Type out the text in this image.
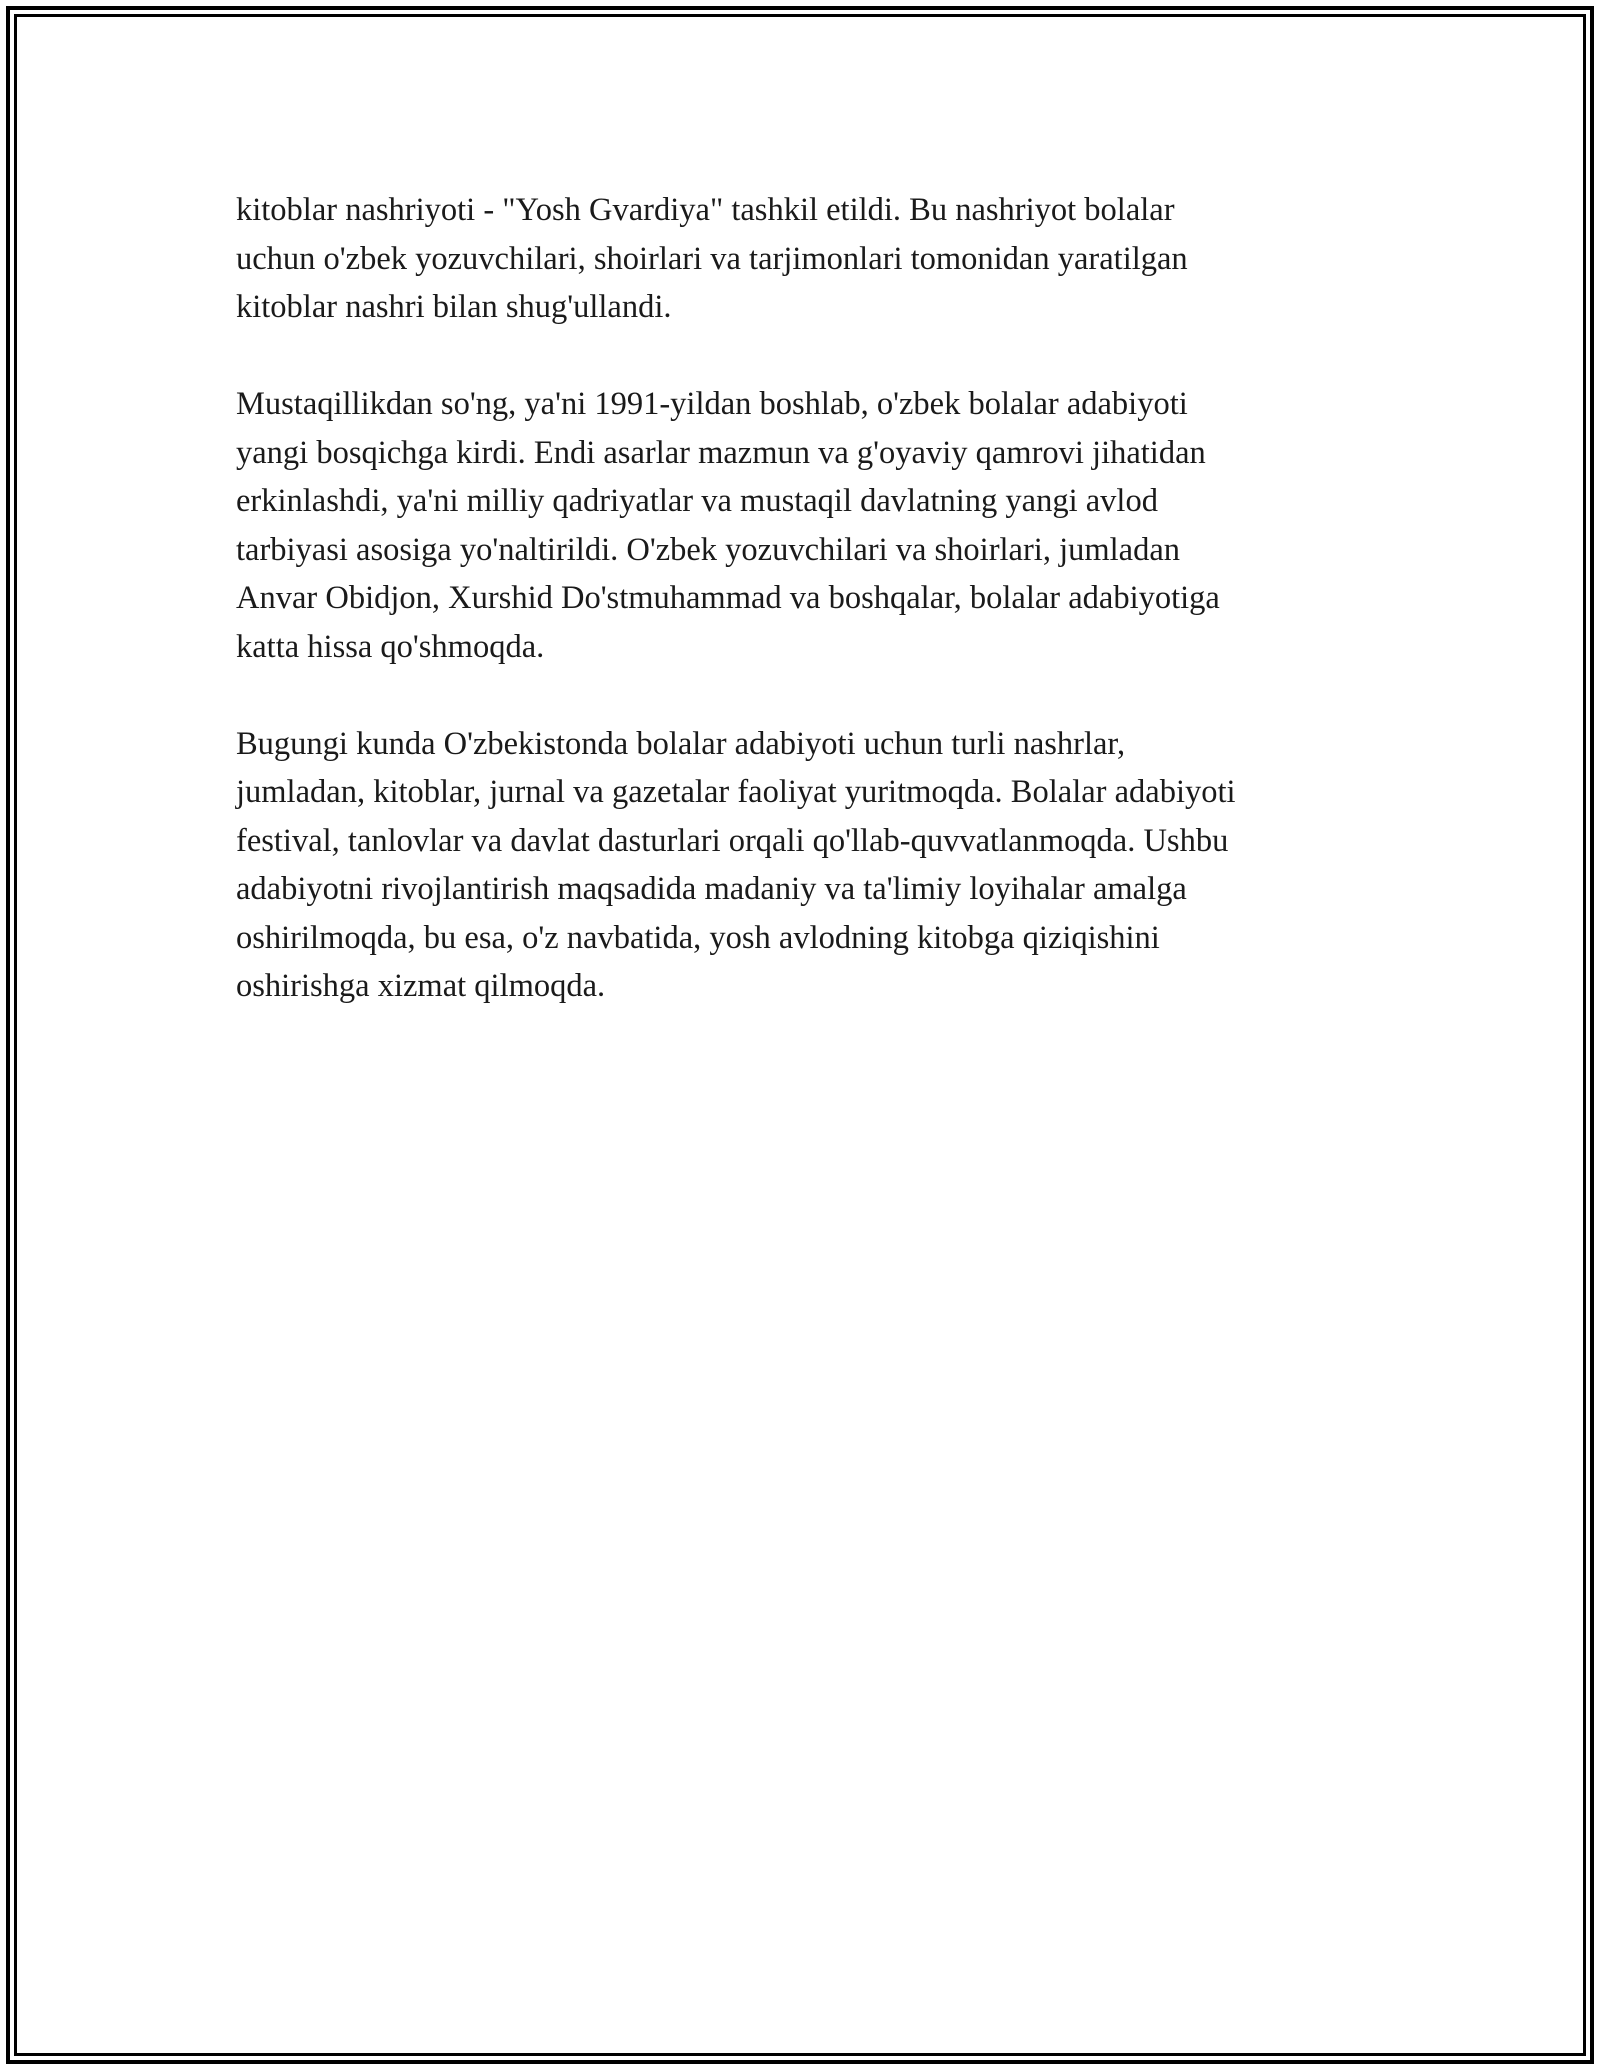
kitoblar nashriyoti - "Yosh Gvardiya" tashkil etildi. Bu nashriyot bolalar
uchun o'zbek yozuvchilari, shoirlari va tarjimonlari tomonidan yaratilgan
kitoblar nashri bilan shug'ullandi.

Mustaqillikdan so'ng, ya'ni 1991-yildan boshlab, o'zbek bolalar adabiyoti
yangi bosqichga kirdi. Endi asarlar mazmun va g'oyaviy qamrovi jihatidan
erkinlashdi, ya'ni milliy qadriyatlar va mustaqil davlatning yangi avlod
tarbiyasi asosiga yo'naltirildi. O'zbek yozuvchilari va shoirlari, jumladan
Anvar Obidjon, Xurshid Do'stmuhammad va boshqalar, bolalar adabiyotiga
katta hissa qo'shmoqda.

Bugungi kunda O'zbekistonda bolalar adabiyoti uchun turli nashrlar,
jumladan, kitoblar, jurnal va gazetalar faoliyat yuritmoqda. Bolalar adabiyoti
festival, tanlovlar va davlat dasturlari orqali qo'llab-quvvatlanmoqda. Ushbu
adabiyotni rivojlantirish maqsadida madaniy va ta'limiy loyihalar amalga
oshirilmoqda, bu esa, o'z navbatida, yosh avlodning kitobga qiziqishini
oshirishga xizmat qilmoqda.
